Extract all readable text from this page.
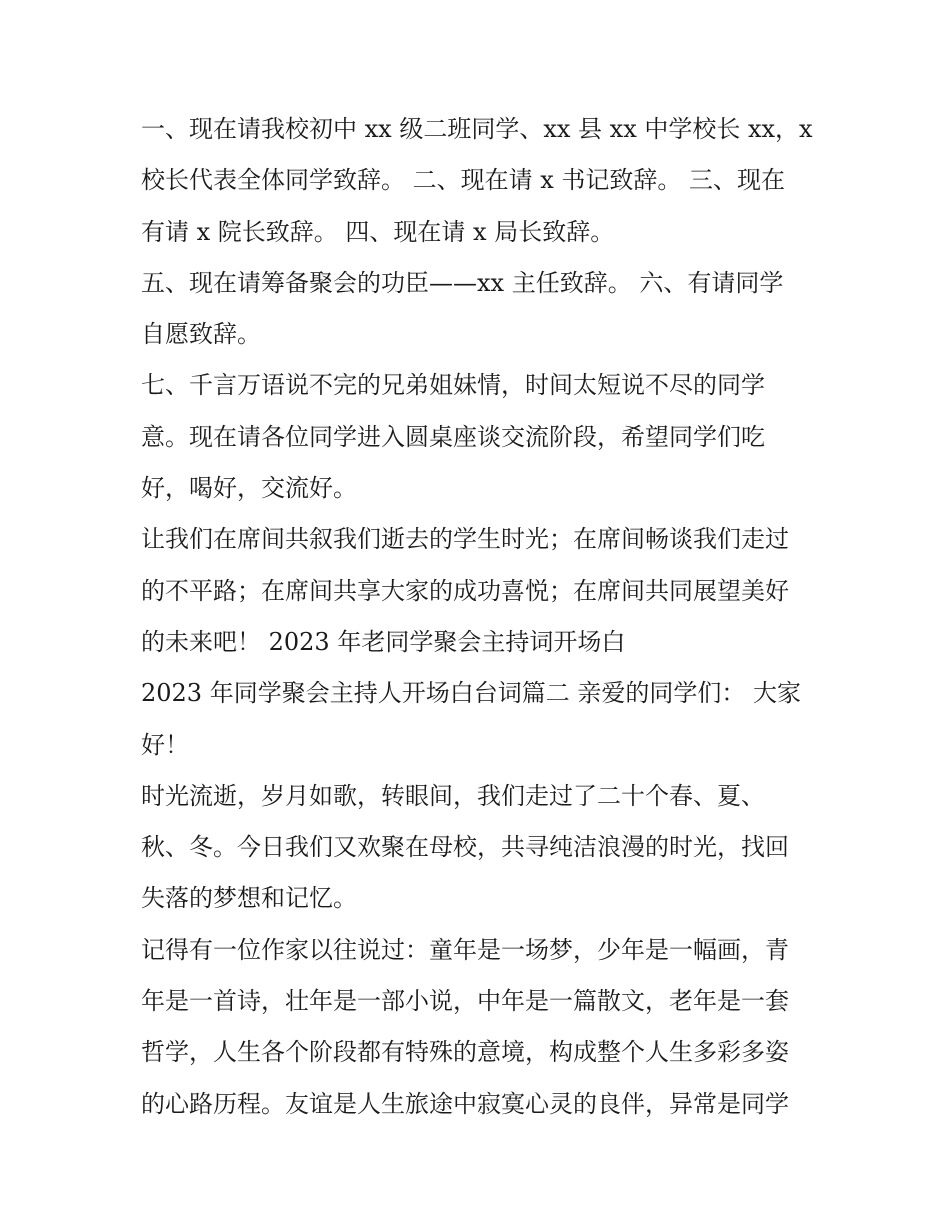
一、现在请我校初中 xx 级二班同学、xx 县 xx 中学校长 xx，x
校长代表全体同学致辞。 二、现在请 x 书记致辞。 三、现在
有请 x 院长致辞。 四、现在请 x 局长致辞。
五、现在请筹备聚会的功臣——xx 主任致辞。 六、有请同学
自愿致辞。
七、千言万语说不完的兄弟姐妹情，时间太短说不尽的同学
意。现在请各位同学进入圆桌座谈交流阶段，希望同学们吃
好，喝好，交流好。
让我们在席间共叙我们逝去的学生时光；在席间畅谈我们走过
的不平路；在席间共享大家的成功喜悦；在席间共同展望美好
的未来吧！ 2023 年老同学聚会主持词开场白
2023 年同学聚会主持人开场白台词篇二 亲爱的同学们： 大家
好！
时光流逝，岁月如歌，转眼间，我们走过了二十个春、夏、
秋、冬。今日我们又欢聚在母校，共寻纯洁浪漫的时光，找回
失落的梦想和记忆。
记得有一位作家以往说过：童年是一场梦，少年是一幅画，青
年是一首诗，壮年是一部小说，中年是一篇散文，老年是一套
哲学，人生各个阶段都有特殊的意境，构成整个人生多彩多姿
的心路历程。友谊是人生旅途中寂寞心灵的良伴，异常是同学
